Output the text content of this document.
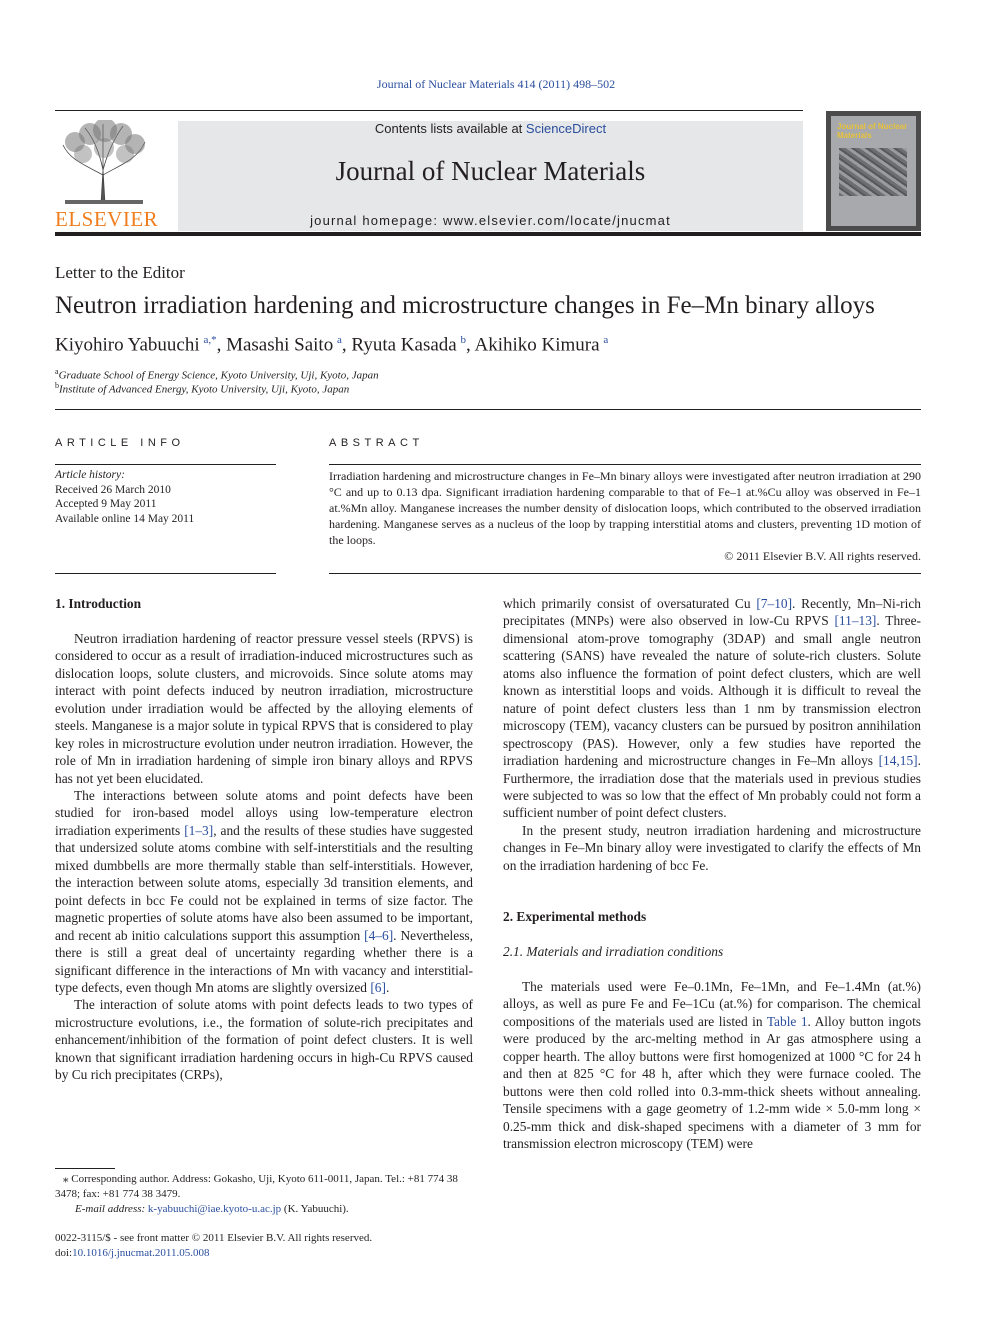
Journal of Nuclear Materials 414 (2011) 498–502
ELSEVIER
Contents lists available at ScienceDirect
Journal of Nuclear Materials
journal homepage: www.elsevier.com/locate/jnucmat
Journal of Nuclear Materials
Letter to the Editor
Neutron irradiation hardening and microstructure changes in Fe–Mn binary alloys
Kiyohiro Yabuuchi  $^{a,*}$, Masashi Saito  $^a$, Ryuta Kasada  $^b$, Akihiko Kimura  $^a$
$^a$Graduate School of Energy Science, Kyoto University, Uji, Kyoto, Japan
$^b$Institute of Advanced Energy, Kyoto University, Uji, Kyoto, Japan
ARTICLE INFO	ABSTRACT
Article history:
Received 26 March 2010
Accepted 9 May 2011
Available online 14 May 2011
Irradiation hardening and microstructure changes in Fe–Mn binary alloys were investigated after neutron irradiation at 290 °C and up to 0.13 dpa. Significant irradiation hardening comparable to that of Fe–1 at.%Cu alloy was observed in Fe–1 at.%Mn alloy. Manganese increases the number density of dislocation loops, which contributed to the observed irradiation hardening. Manganese serves as a nucleus of the loop by trapping interstitial atoms and clusters, preventing 1D motion of the loops.
© 2011 Elsevier B.V. All rights reserved.
1. Introduction

Neutron irradiation hardening of reactor pressure vessel steels (RPVS) is considered to occur as a result of irradiation-induced microstructures such as dislocation loops, solute clusters, and microvoids. Since solute atoms may interact with point defects induced by neutron irradiation, microstructure evolution under irradiation would be affected by the alloying elements of steels. Manganese is a major solute in typical RPVS that is considered to play key roles in microstructure evolution under neutron irradiation. However, the role of Mn in irradiation hardening of simple iron binary alloys and RPVS has not yet been elucidated.

The interactions between solute atoms and point defects have been studied for iron-based model alloys using low-temperature electron irradiation experiments [1–3], and the results of these studies have suggested that undersized solute atoms combine with self-interstitials and the resulting mixed dumbbells are more thermally stable than self-interstitials. However, the interaction between solute atoms, especially 3d transition elements, and point defects in bcc Fe could not be explained in terms of size factor. The magnetic properties of solute atoms have also been assumed to be important, and recent ab initio calculations support this assumption [4–6]. Nevertheless, there is still a great deal of uncertainty regarding whether there is a significant difference in the interactions of Mn with vacancy and interstitial-type defects, even though Mn atoms are slightly oversized [6].

The interaction of solute atoms with point defects leads to two types of microstructure evolutions, i.e., the formation of solute-rich precipitates and enhancement/inhibition of the formation of point defect clusters. It is well known that significant irradiation hardening occurs in high-Cu RPVS caused by Cu rich precipitates (CRPs),

which primarily consist of oversaturated Cu [7–10]. Recently, Mn–Ni-rich precipitates (MNPs) were also observed in low-Cu RPVS [11–13]. Three-dimensional atom-prove tomography (3DAP) and small angle neutron scattering (SANS) have revealed the nature of solute-rich clusters. Solute atoms also influence the formation of point defect clusters, which are well known as interstitial loops and voids. Although it is difficult to reveal the nature of point defect clusters less than 1 nm by transmission electron microscopy (TEM), vacancy clusters can be pursued by positron annihilation spectroscopy (PAS). However, only a few studies have reported the irradiation hardening and microstructure changes in Fe–Mn alloys [14,15]. Furthermore, the irradiation dose that the materials used in previous studies were subjected to was so low that the effect of Mn probably could not form a sufficient number of point defect clusters.

In the present study, neutron irradiation hardening and microstructure changes in Fe–Mn binary alloy were investigated to clarify the effects of Mn on the irradiation hardening of bcc Fe.

2. Experimental methods
2.1. Materials and irradiation conditions

The materials used were Fe–0.1Mn, Fe–1Mn, and Fe–1.4Mn (at.%) alloys, as well as pure Fe and Fe–1Cu (at.%) for comparison. The chemical compositions of the materials used are listed in Table 1. Alloy button ingots were produced by the arc-melting method in Ar gas atmosphere using a copper hearth. The alloy buttons were first homogenized at 1000 °C for 24 h and then at 825 °C for 48 h, after which they were furnace cooled. The buttons were then cold rolled into 0.3-mm-thick sheets without annealing. Tensile specimens with a gage geometry of 1.2-mm wide × 5.0-mm long × 0.25-mm thick and disk-shaped specimens with a diameter of 3 mm for transmission electron microscopy (TEM) were

⁎ Corresponding author. Address: Gokasho, Uji, Kyoto 611-0011, Japan. Tel.: +81 774 38 3478; fax: +81 774 38 3479.
E-mail address: k-yabuuchi@iae.kyoto-u.ac.jp (K. Yabuuchi).
0022-3115/$ - see front matter © 2011 Elsevier B.V. All rights reserved.
doi:10.1016/j.jnucmat.2011.05.008
